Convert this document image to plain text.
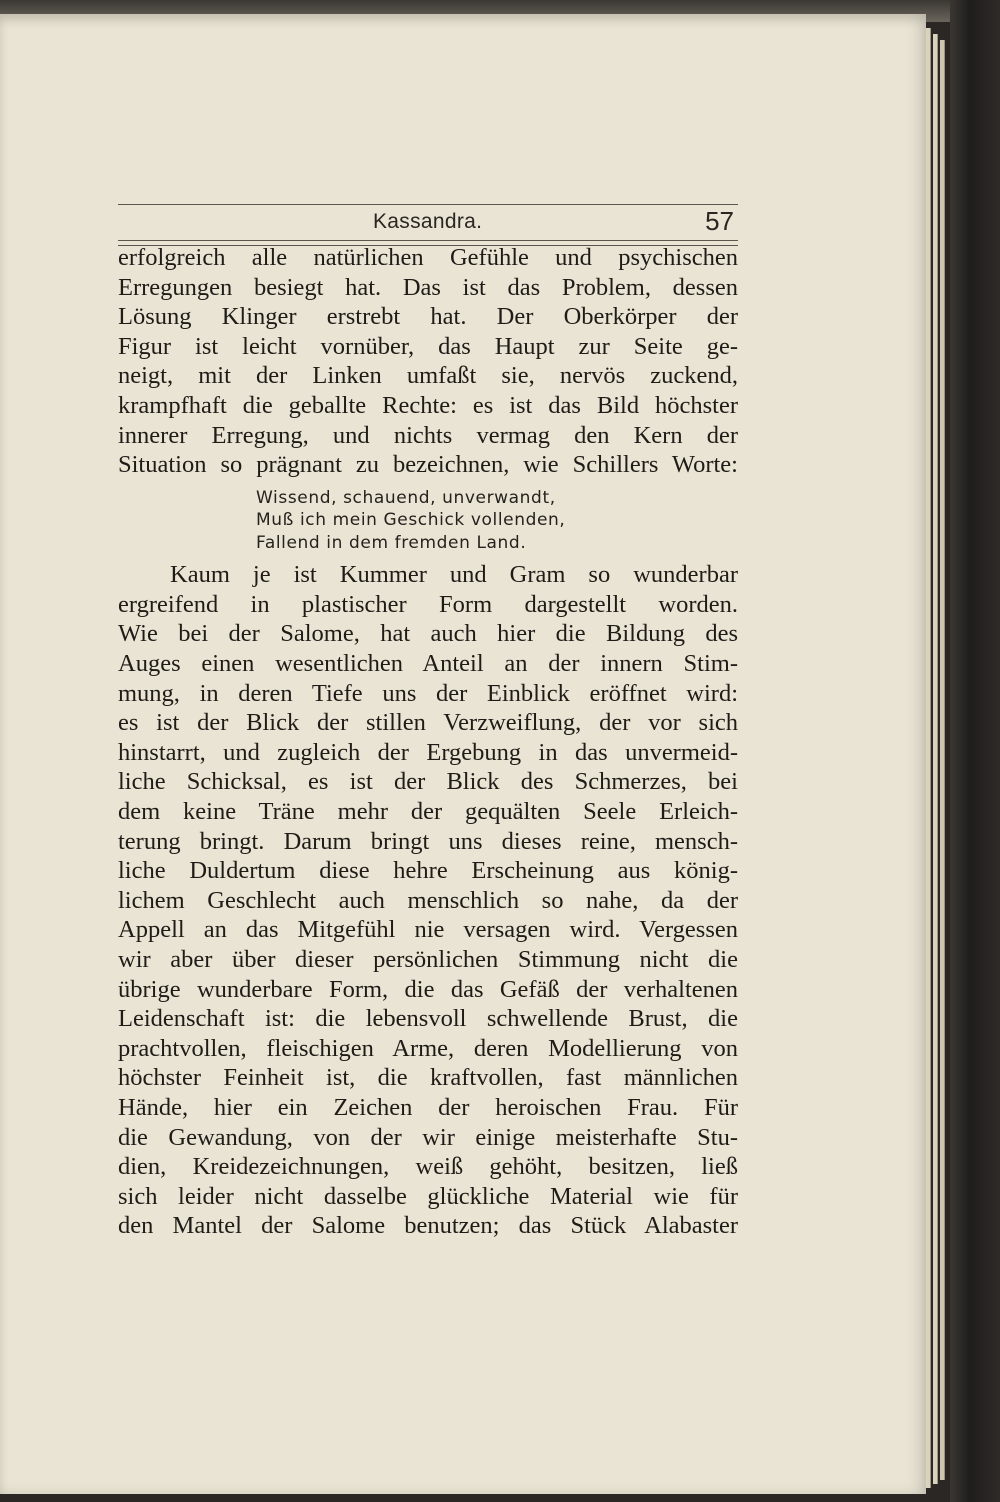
Kassandra.	57
erfolgreich alle natürlichen Gefühle und psychischen
Erregungen besiegt hat. Das ist das Problem, dessen
Lösung Klinger erstrebt hat. Der Oberkörper der
Figur ist leicht vornüber, das Haupt zur Seite ge-
neigt, mit der Linken umfaßt sie, nervös zuckend,
krampfhaft die geballte Rechte: es ist das Bild höchster
innerer Erregung, und nichts vermag den Kern der
Situation so prägnant zu bezeichnen, wie Schillers Worte:
Wissend, schauend, unverwandt,
Muß ich mein Geschick vollenden,
Fallend in dem fremden Land.
Kaum je ist Kummer und Gram so wunderbar
ergreifend in plastischer Form dargestellt worden.
Wie bei der Salome, hat auch hier die Bildung des
Auges einen wesentlichen Anteil an der innern Stim-
mung, in deren Tiefe uns der Einblick eröffnet wird:
es ist der Blick der stillen Verzweiflung, der vor sich
hinstarrt, und zugleich der Ergebung in das unvermeid-
liche Schicksal, es ist der Blick des Schmerzes, bei
dem keine Träne mehr der gequälten Seele Erleich-
terung bringt. Darum bringt uns dieses reine, mensch-
liche Duldertum diese hehre Erscheinung aus könig-
lichem Geschlecht auch menschlich so nahe, da der
Appell an das Mitgefühl nie versagen wird. Vergessen
wir aber über dieser persönlichen Stimmung nicht die
übrige wunderbare Form, die das Gefäß der verhaltenen
Leidenschaft ist: die lebensvoll schwellende Brust, die
prachtvollen, fleischigen Arme, deren Modellierung von
höchster Feinheit ist, die kraftvollen, fast männlichen
Hände, hier ein Zeichen der heroischen Frau. Für
die Gewandung, von der wir einige meisterhafte Stu-
dien, Kreidezeichnungen, weiß gehöht, besitzen, ließ
sich leider nicht dasselbe glückliche Material wie für
den Mantel der Salome benutzen; das Stück Alabaster
